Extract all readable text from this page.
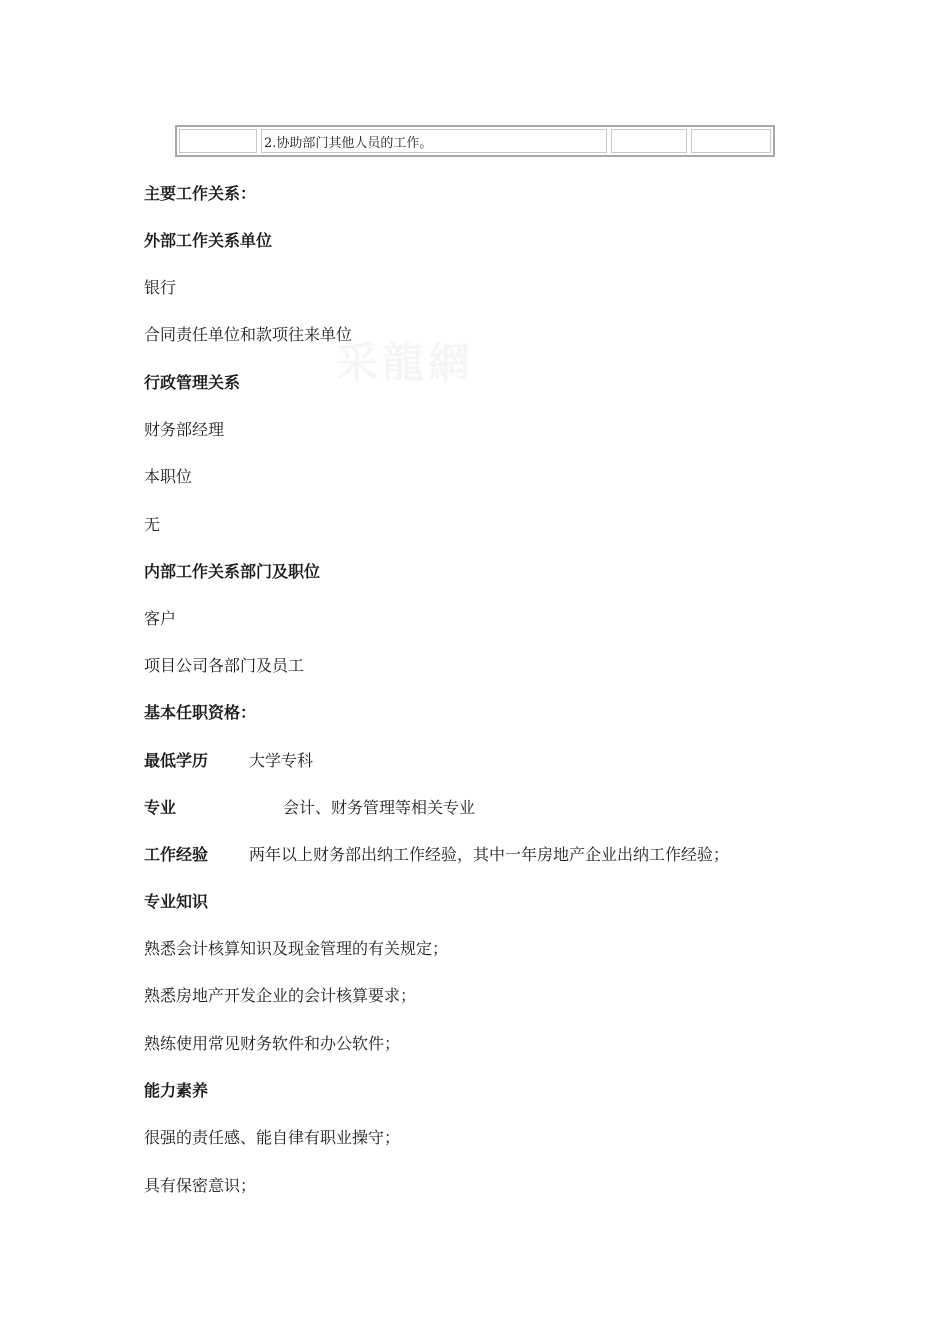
2.协助部门其他人员的工作。
主要工作关系：
外部工作关系单位
银行
合同责任单位和款项往来单位
行政管理关系
财务部经理
本职位
无
内部工作关系部门及职位
客户
项目公司各部门及员工
基本任职资格：
最低学历	大学专科
专业	会计、财务管理等相关专业
工作经验	两年以上财务部出纳工作经验，其中一年房地产企业出纳工作经验；
专业知识
熟悉会计核算知识及现金管理的有关规定；
熟悉房地产开发企业的会计核算要求；
熟练使用常见财务软件和办公软件；
能力素养
很强的责任感、能自律有职业操守；
具有保密意识；
